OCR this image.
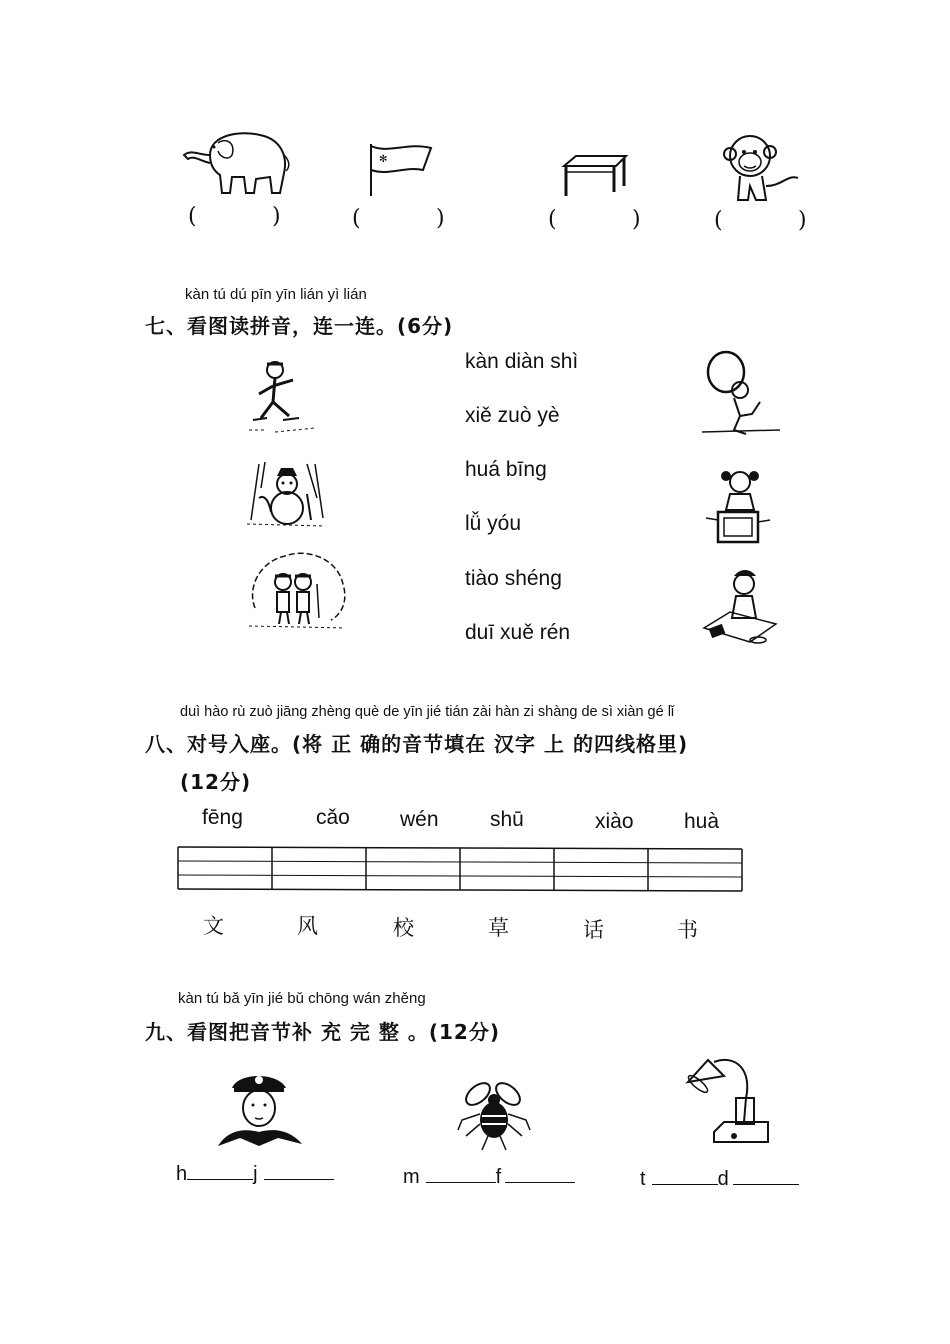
✻
(	)	(	)	(	)	(	)
kàn tú dú pīn yīn lián yì lián
七、看图读拼音，连一连。(6分)
kàn diàn shì
xiě zuò yè
huá bīng
lǚ yóu
tiào shéng
duī xuě rén
duì hào rù zuò jiāng zhèng què de yīn jié tián zài hàn zi shàng de sì xiàn gé lǐ
八、对号入座。(将 正 确的音节填在 汉字 上 的四线格里)
(12分)
fēng	cǎo wén shū	xiào huà
文	风	校	草	话	书
kàn tú bǎ yīn jié bǔ chōng wán zhěng
九、看图把音节补 充 完 整 。(12分)
h	j	m	f	t	d
